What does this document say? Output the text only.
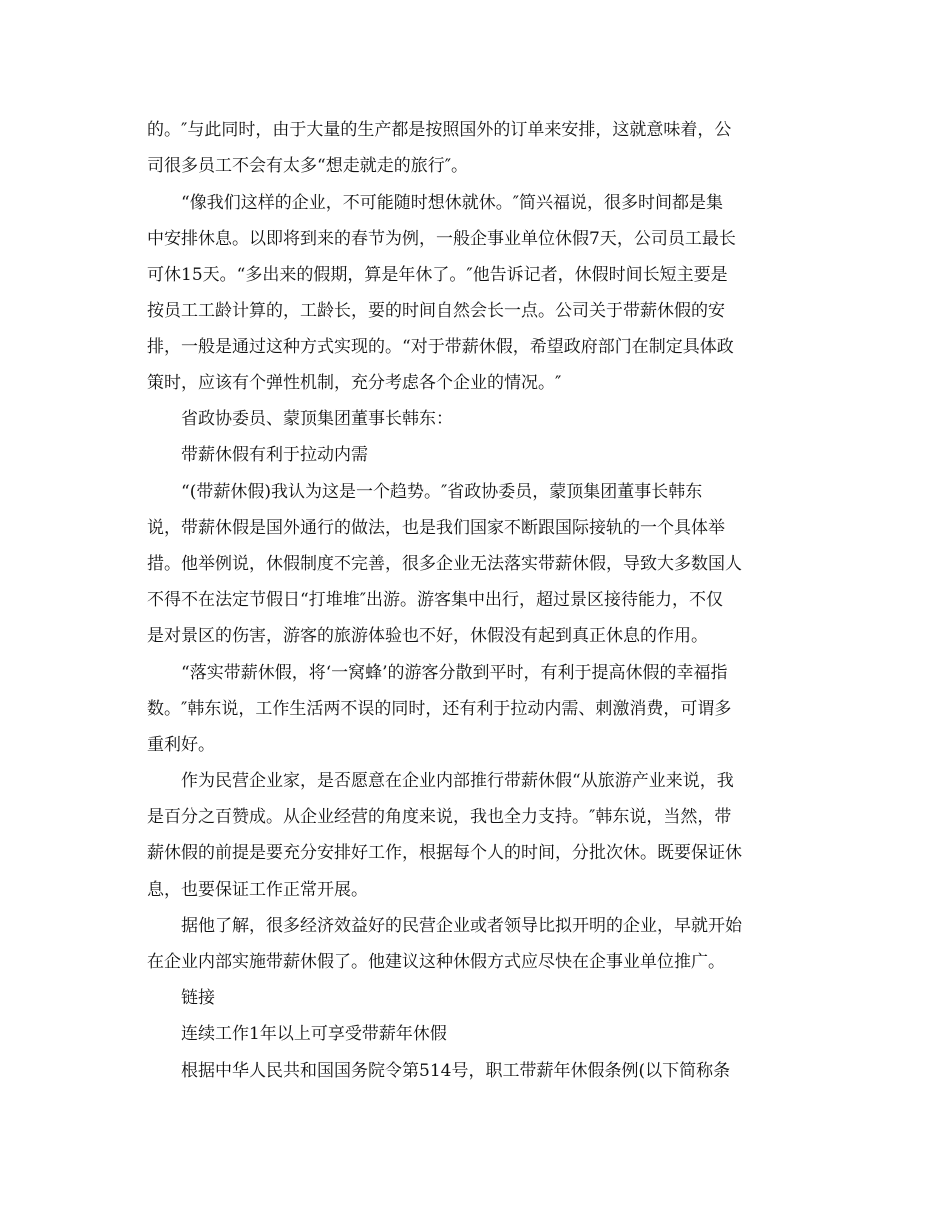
的。″与此同时，由于大量的生产都是按照国外的订单来安排，这就意味着，公

司很多员工不会有太多“想走就走的旅行″。

“像我们这样的企业，不可能随时想休就休。″简兴福说，很多时间都是集

中安排休息。以即将到来的春节为例，一般企事业单位休假7天，公司员工最长

可休15天。“多出来的假期，算是年休了。″他告诉记者，休假时间长短主要是

按员工工龄计算的，工龄长，要的时间自然会长一点。公司关于带薪休假的安

排，一般是通过这种方式实现的。“对于带薪休假，希望政府部门在制定具体政

策时，应该有个弹性机制，充分考虑各个企业的情况。″

省政协委员、蒙顶集团董事长韩东：

带薪休假有利于拉动内需

“(带薪休假)我认为这是一个趋势。″省政协委员，蒙顶集团董事长韩东

说，带薪休假是国外通行的做法，也是我们国家不断跟国际接轨的一个具体举

措。他举例说，休假制度不完善，很多企业无法落实带薪休假，导致大多数国人

不得不在法定节假日“打堆堆″出游。游客集中出行，超过景区接待能力，不仅

是对景区的伤害，游客的旅游体验也不好，休假没有起到真正休息的作用。

“落实带薪休假，将‘一窝蜂’的游客分散到平时，有利于提高休假的幸福指

数。″韩东说，工作生活两不误的同时，还有利于拉动内需、刺激消费，可谓多

重利好。

作为民营企业家，是否愿意在企业内部推行带薪休假“从旅游产业来说，我

是百分之百赞成。从企业经营的角度来说，我也全力支持。″韩东说，当然，带

薪休假的前提是要充分安排好工作，根据每个人的时间，分批次休。既要保证休

息，也要保证工作正常开展。

据他了解，很多经济效益好的民营企业或者领导比拟开明的企业，早就开始

在企业内部实施带薪休假了。他建议这种休假方式应尽快在企事业单位推广。

链接

连续工作1年以上可享受带薪年休假

根据中华人民共和国国务院令第514号，职工带薪年休假条例(以下简称条
